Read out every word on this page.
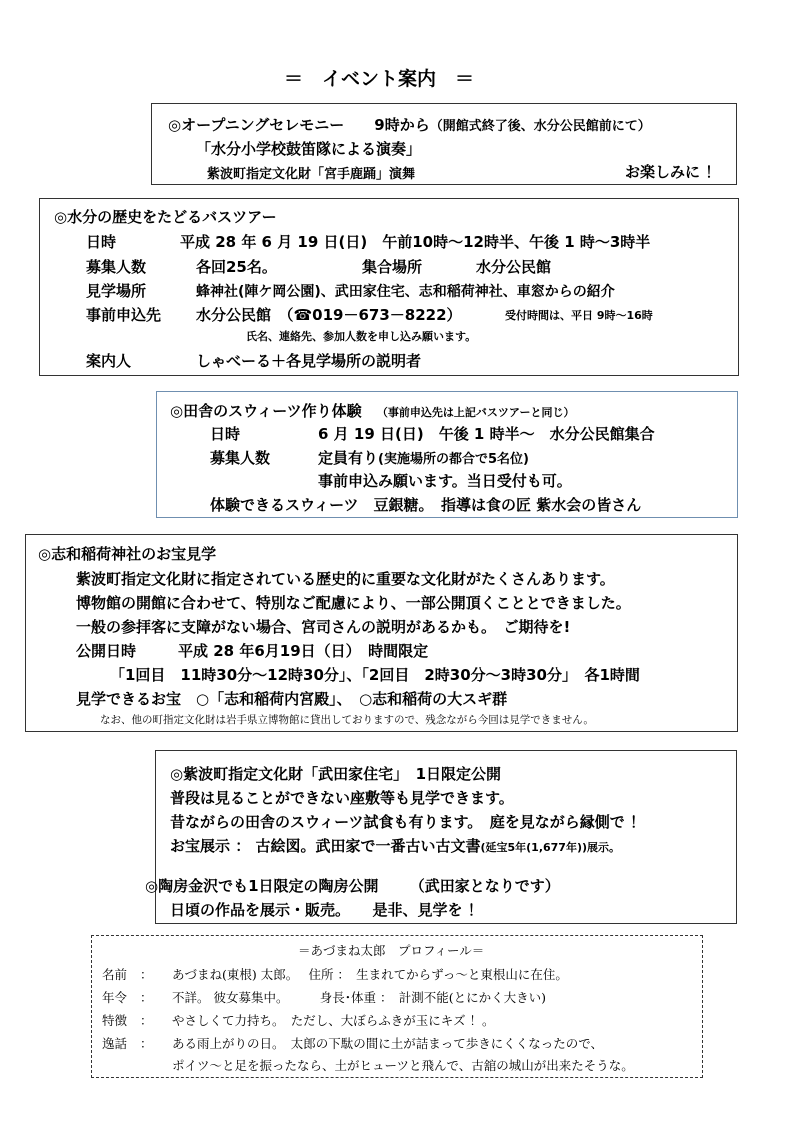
＝　イベント案内　＝
◎オープニングセレモニー　　9時から（開館式終了後、水分公民館前にて）
「水分小学校鼓笛隊による演奏」
紫波町指定文化財「宮手鹿踊」演舞	お楽しみに ！
◎水分の歴史をたどるバスツアー
日時	平成 28 年 6 月 19 日(日)　午前10時～12時半、午後 1 時～3時半
募集人数	各回25名。	集合場所	水分公民館
見学場所	蜂神社(陣ケ岡公園)、武田家住宅、志和稲荷神社、車窓からの紹介
事前申込先 水分公民館　（☎019－673－8222）	受付時間は、平日 9時～16時
氏名、連絡先、参加人数を申し込み願います。
案内人	しゃべーる＋各見学場所の説明者
◎田舎のスウィーツ作り体験 （事前申込先は上記バスツアーと同じ）
日時	6 月 19 日(日)　午後 1 時半～　水分公民館集合
募集人数	定員有り(実施場所の都合で5名位)
事前申込み願います。当日受付も可。
体験できるスウィーツ　豆銀糖。　指導は食の匠 紫水会の皆さん
◎志和稲荷神社のお宝見学
紫波町指定文化財に指定されている歴史的に重要な文化財がたくさんあります。
博物館の開館に合わせて、特別なご配慮により、一部公開頂くこととできました。
一般の参拝客に支障がない場合、宮司さんの説明があるかも。　ご期待を!
公開日時	平成 28 年6月19日（日）　時間限定
「1回目　11時30分～12時30分」、「2回目　2時30分～3時30分」　各1時間
見学できるお宝　○「志和稲荷内宮殿」、　○志和稲荷の大スギ群
なお、他の町指定文化財は岩手県立博物館に貸出しておりますので、残念ながら今回は見学できません。
◎紫波町指定文化財「武田家住宅」　1日限定公開
普段は見ることができない座敷等も見学できます。
昔ながらの田舎のスウィーツ試食も有ります。　庭を見ながら縁側で ！
お宝展示 ： 古絵図。武田家で一番古い古文書(延宝5年(1,677年))展示。
◎陶房金沢でも1日限定の陶房公開 （武田家となりです）
日頃の作品を展示・販売。　　是非、見学を ！
＝あづまね太郎　プロフィール＝
名前 ： あづまね(東根) 太郎。　 住所 ：　生まれてからずっ～と東根山に在住。
年令 ： 不詳。 彼女募集中。　　　身長･体重 ：　計測不能(とにかく大きい)
特徴 ： やさしくて力持ち。　ただし、大ぼらふきが玉にキズ ！。
逸話 ： ある雨上がりの日。　太郎の下駄の間に土が詰まって歩きにくくなったので、
ポイツ～と足を振ったなら、土がヒューツと飛んで、古舘の城山が出来たそうな。
